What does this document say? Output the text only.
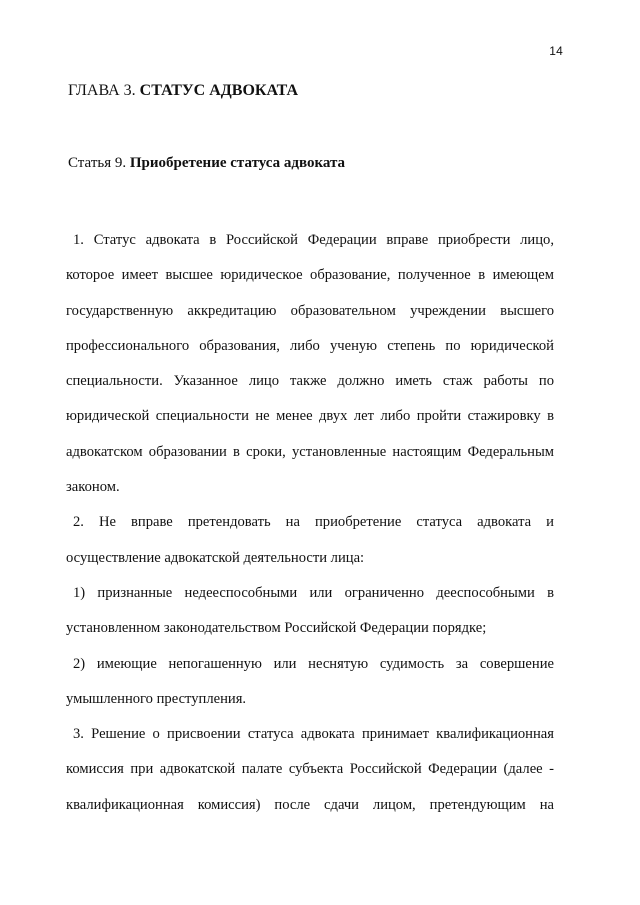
14
ГЛАВА 3. СТАТУС АДВОКАТА
Статья 9. Приобретение статуса адвоката
1. Статус адвоката в Российской Федерации вправе приобрести лицо,
которое имеет высшее юридическое образование, полученное в имеющем
государственную аккредитацию образовательном учреждении высшего
профессионального образования, либо ученую степень по юридической
специальности. Указанное лицо также должно иметь стаж работы по
юридической специальности не менее двух лет либо пройти стажировку в
адвокатском образовании в сроки, установленные настоящим Федеральным
законом.
2. Не вправе претендовать на приобретение статуса адвоката и
осуществление адвокатской деятельности лица:
1) признанные недееспособными или ограниченно дееспособными в
установленном законодательством Российской Федерации порядке;
2) имеющие непогашенную или неснятую судимость за совершение
умышленного преступления.
3. Решение о присвоении статуса адвоката принимает квалификационная
комиссия при адвокатской палате субъекта Российской Федерации (далее -
квалификационная комиссия) после сдачи лицом, претендующим на
